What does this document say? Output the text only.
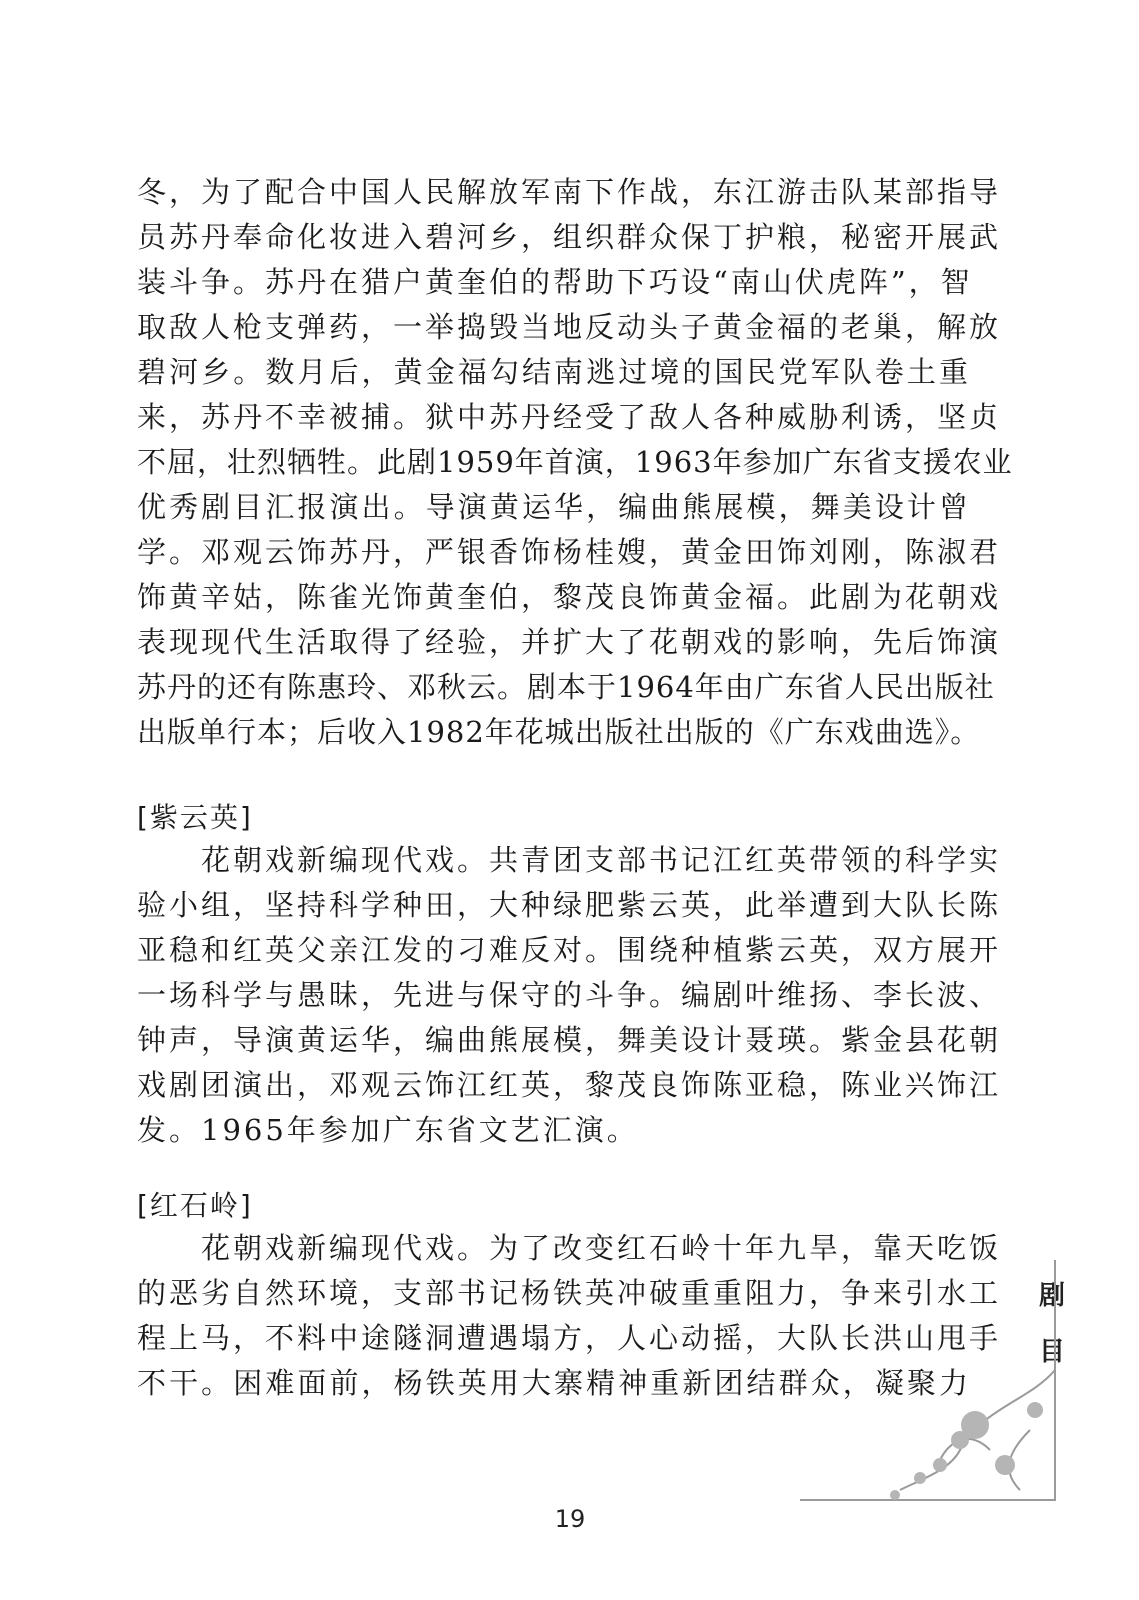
冬，为了配合中国人民解放军南下作战，东江游击队某部指导
员苏丹奉命化妆进入碧河乡，组织群众保丁护粮，秘密开展武
装斗争。苏丹在猎户黄奎伯的帮助下巧设“南山伏虎阵”，智
取敌人枪支弹药，一举捣毁当地反动头子黄金福的老巢，解放
碧河乡。数月后，黄金福勾结南逃过境的国民党军队卷土重
来，苏丹不幸被捕。狱中苏丹经受了敌人各种威胁利诱，坚贞
不屈，壮烈牺牲。此剧1959年首演，1963年参加广东省支援农业
优秀剧目汇报演出。导演黄运华，编曲熊展模，舞美设计曾
学。邓观云饰苏丹，严银香饰杨桂嫂，黄金田饰刘刚，陈淑君
饰黄辛姑，陈雀光饰黄奎伯，黎茂良饰黄金福。此剧为花朝戏
表现现代生活取得了经验，并扩大了花朝戏的影响，先后饰演
苏丹的还有陈惠玲、邓秋云。剧本于1964年由广东省人民出版社
出版单行本；后收入1982年花城出版社出版的《广东戏曲选》。
[紫云英]
　　花朝戏新编现代戏。共青团支部书记江红英带领的科学实
验小组，坚持科学种田，大种绿肥紫云英，此举遭到大队长陈
亚稳和红英父亲江发的刁难反对。围绕种植紫云英，双方展开
一场科学与愚昧，先进与保守的斗争。编剧叶维扬、李长波、
钟声，导演黄运华，编曲熊展模，舞美设计聂瑛。紫金县花朝
戏剧团演出，邓观云饰江红英，黎茂良饰陈亚稳，陈业兴饰江
发。1965年参加广东省文艺汇演。
[红石岭]
　　花朝戏新编现代戏。为了改变红石岭十年九旱，靠天吃饭
的恶劣自然环境，支部书记杨铁英冲破重重阻力，争来引水工
程上马，不料中途隧洞遭遇塌方，人心动摇，大队长洪山甩手
不干。困难面前，杨铁英用大寨精神重新团结群众，凝聚力
剧
目
19
